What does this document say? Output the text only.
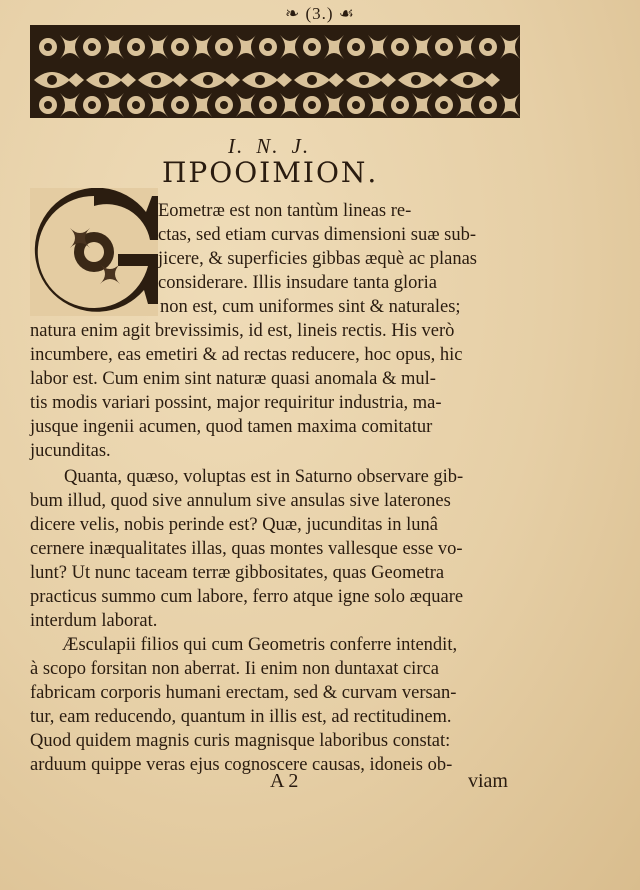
❧ (3.) ☙
I. N. J.
ΠΡΟΟΙΜΙΟΝ.
Eometræ est non tantùm lineas re-
ctas, sed etiam curvas dimensioni suæ sub-
jicere, & superficies gibbas æquè ac planas
considerare. Illis insudare tanta gloria
non est, cum uniformes sint & naturales;
natura enim agit brevissimis, id est, lineis rectis. His verò
incumbere, eas emetiri & ad rectas reducere, hoc opus, hic
labor est. Cum enim sint naturæ quasi anomala & mul-
tis modis variari possint, major requiritur industria, ma-
jusque ingenii acumen, quod tamen maxima comitatur
jucunditas.
Quanta, quæso, voluptas est in Saturno observare gib-
bum illud, quod sive annulum sive ansulas sive laterones
dicere velis, nobis perinde est? Quæ, jucunditas in lunâ
cernere inæqualitates illas, quas montes vallesque esse vo-
lunt? Ut nunc taceam terræ gibbositates, quas Geometra
practicus summo cum labore, ferro atque igne solo æquare
interdum laborat.
Æsculapii filios qui cum Geometris conferre intendit,
à scopo forsitan non aberrat. Ii enim non duntaxat circa
fabricam corporis humani erectam, sed & curvam versan-
tur, eam reducendo, quantum in illis est, ad rectitudinem.
Quod quidem magnis curis magnisque laboribus constat:
arduum quippe veras ejus cognoscere causas, idoneis ob-
A 2	viam
